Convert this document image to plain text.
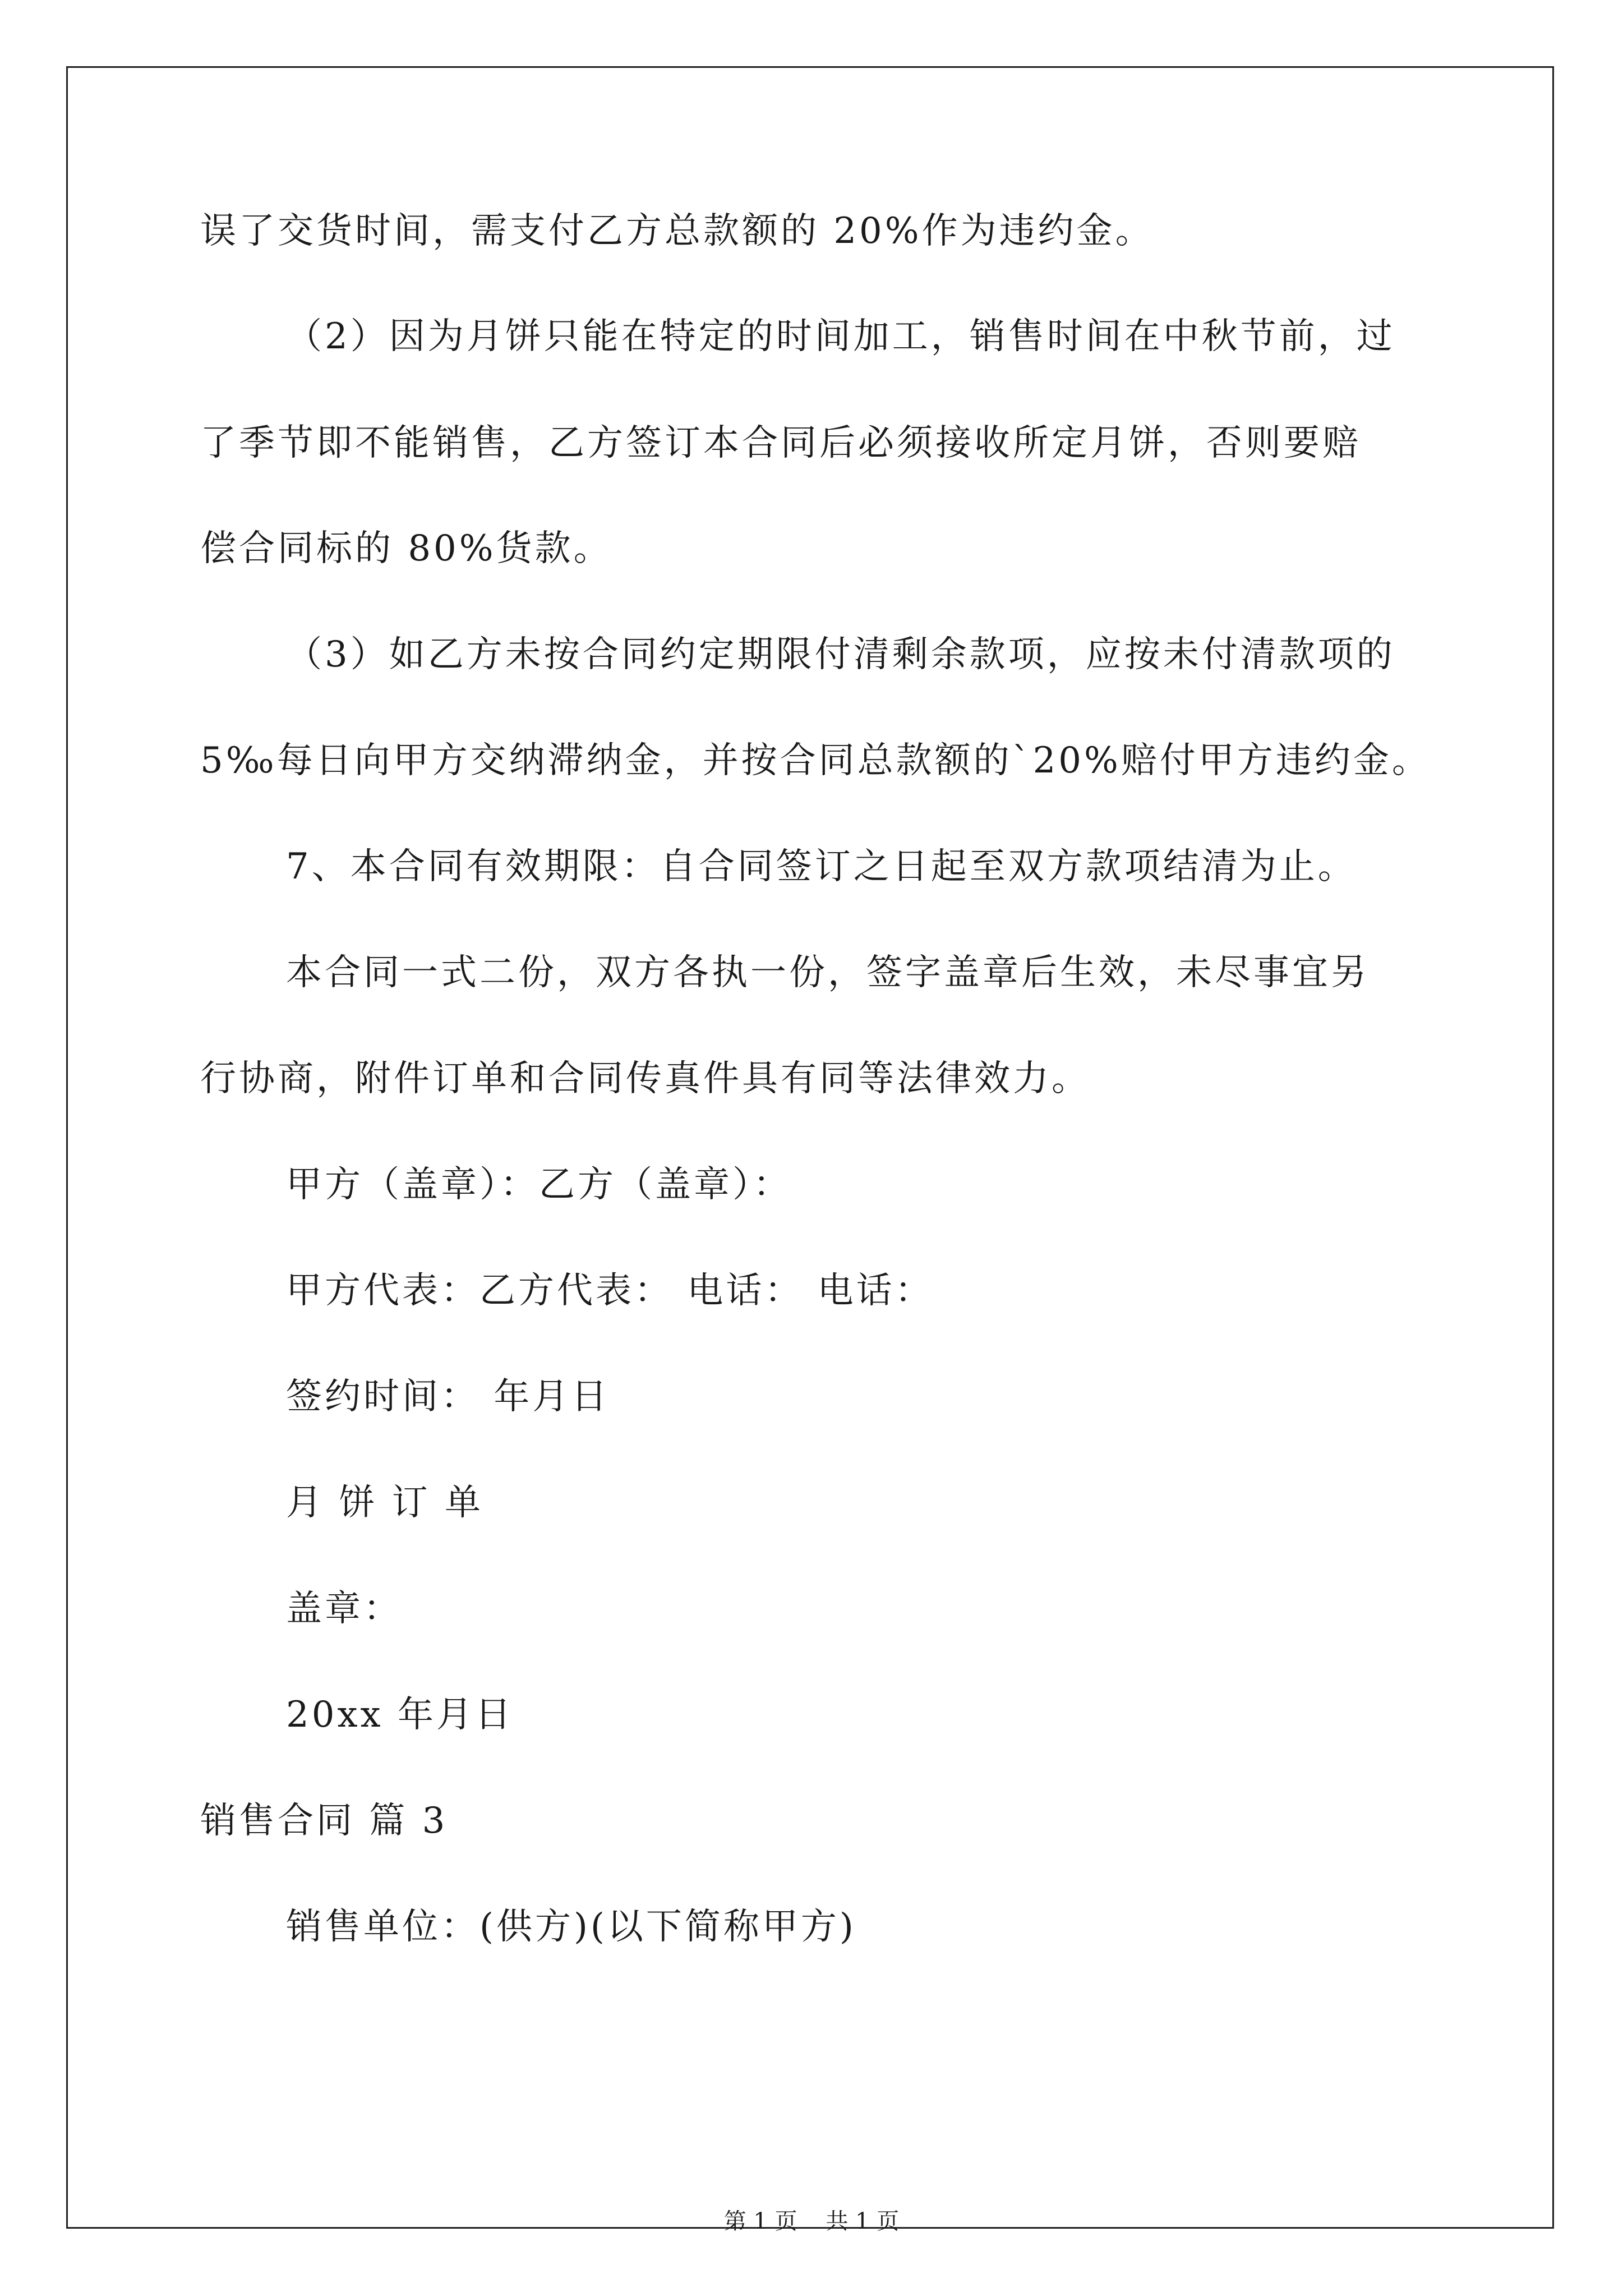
误了交货时间，需支付乙方总款额的 20%作为违约金。
（2）因为月饼只能在特定的时间加工，销售时间在中秋节前，过
了季节即不能销售，乙方签订本合同后必须接收所定月饼，否则要赔
偿合同标的 80%货款。
（3）如乙方未按合同约定期限付清剩余款项，应按未付清款项的
5‰每日向甲方交纳滞纳金，并按合同总款额的`20%赔付甲方违约金。
7、本合同有效期限：自合同签订之日起至双方款项结清为止。
本合同一式二份，双方各执一份，签字盖章后生效，未尽事宜另
行协商，附件订单和合同传真件具有同等法律效力。
甲方（盖章）：乙方（盖章）：
甲方代表：乙方代表： 电话： 电话：
签约时间： 年月日
月 饼 订 单
盖章：
20xx 年月日
销售合同 篇 3
销售单位：(供方)(以下简称甲方)
第 1 页    共 1 页
